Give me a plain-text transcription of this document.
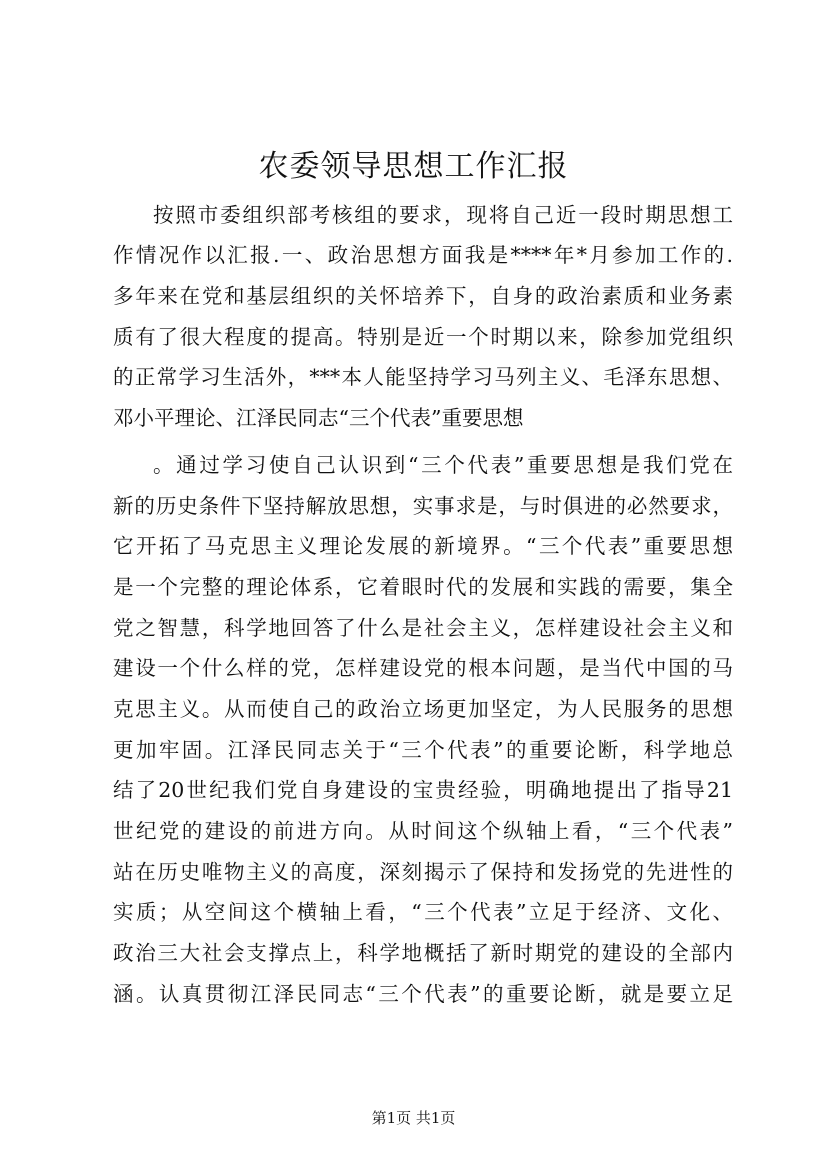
农委领导思想工作汇报
按照市委组织部考核组的要求，现将自己近一段时期思想工
作情况作以汇报.一、政治思想方面我是****年*月参加工作的.
多年来在党和基层组织的关怀培养下，自身的政治素质和业务素
质有了很大程度的提高。特别是近一个时期以来，除参加党组织
的正常学习生活外，***本人能坚持学习马列主义、毛泽东思想、
邓小平理论、江泽民同志“三个代表”重要思想
。通过学习使自己认识到“三个代表”重要思想是我们党在
新的历史条件下坚持解放思想，实事求是，与时俱进的必然要求，
它开拓了马克思主义理论发展的新境界。“三个代表”重要思想
是一个完整的理论体系，它着眼时代的发展和实践的需要，集全
党之智慧，科学地回答了什么是社会主义，怎样建设社会主义和
建设一个什么样的党，怎样建设党的根本问题，是当代中国的马
克思主义。从而使自己的政治立场更加坚定，为人民服务的思想
更加牢固。江泽民同志关于“三个代表”的重要论断，科学地总
结了20世纪我们党自身建设的宝贵经验，明确地提出了指导21
世纪党的建设的前进方向。从时间这个纵轴上看，“三个代表”
站在历史唯物主义的高度，深刻揭示了保持和发扬党的先进性的
实质；从空间这个横轴上看，“三个代表”立足于经济、文化、
政治三大社会支撑点上，科学地概括了新时期党的建设的全部内
涵。认真贯彻江泽民同志“三个代表”的重要论断，就是要立足
第1页 共1页
